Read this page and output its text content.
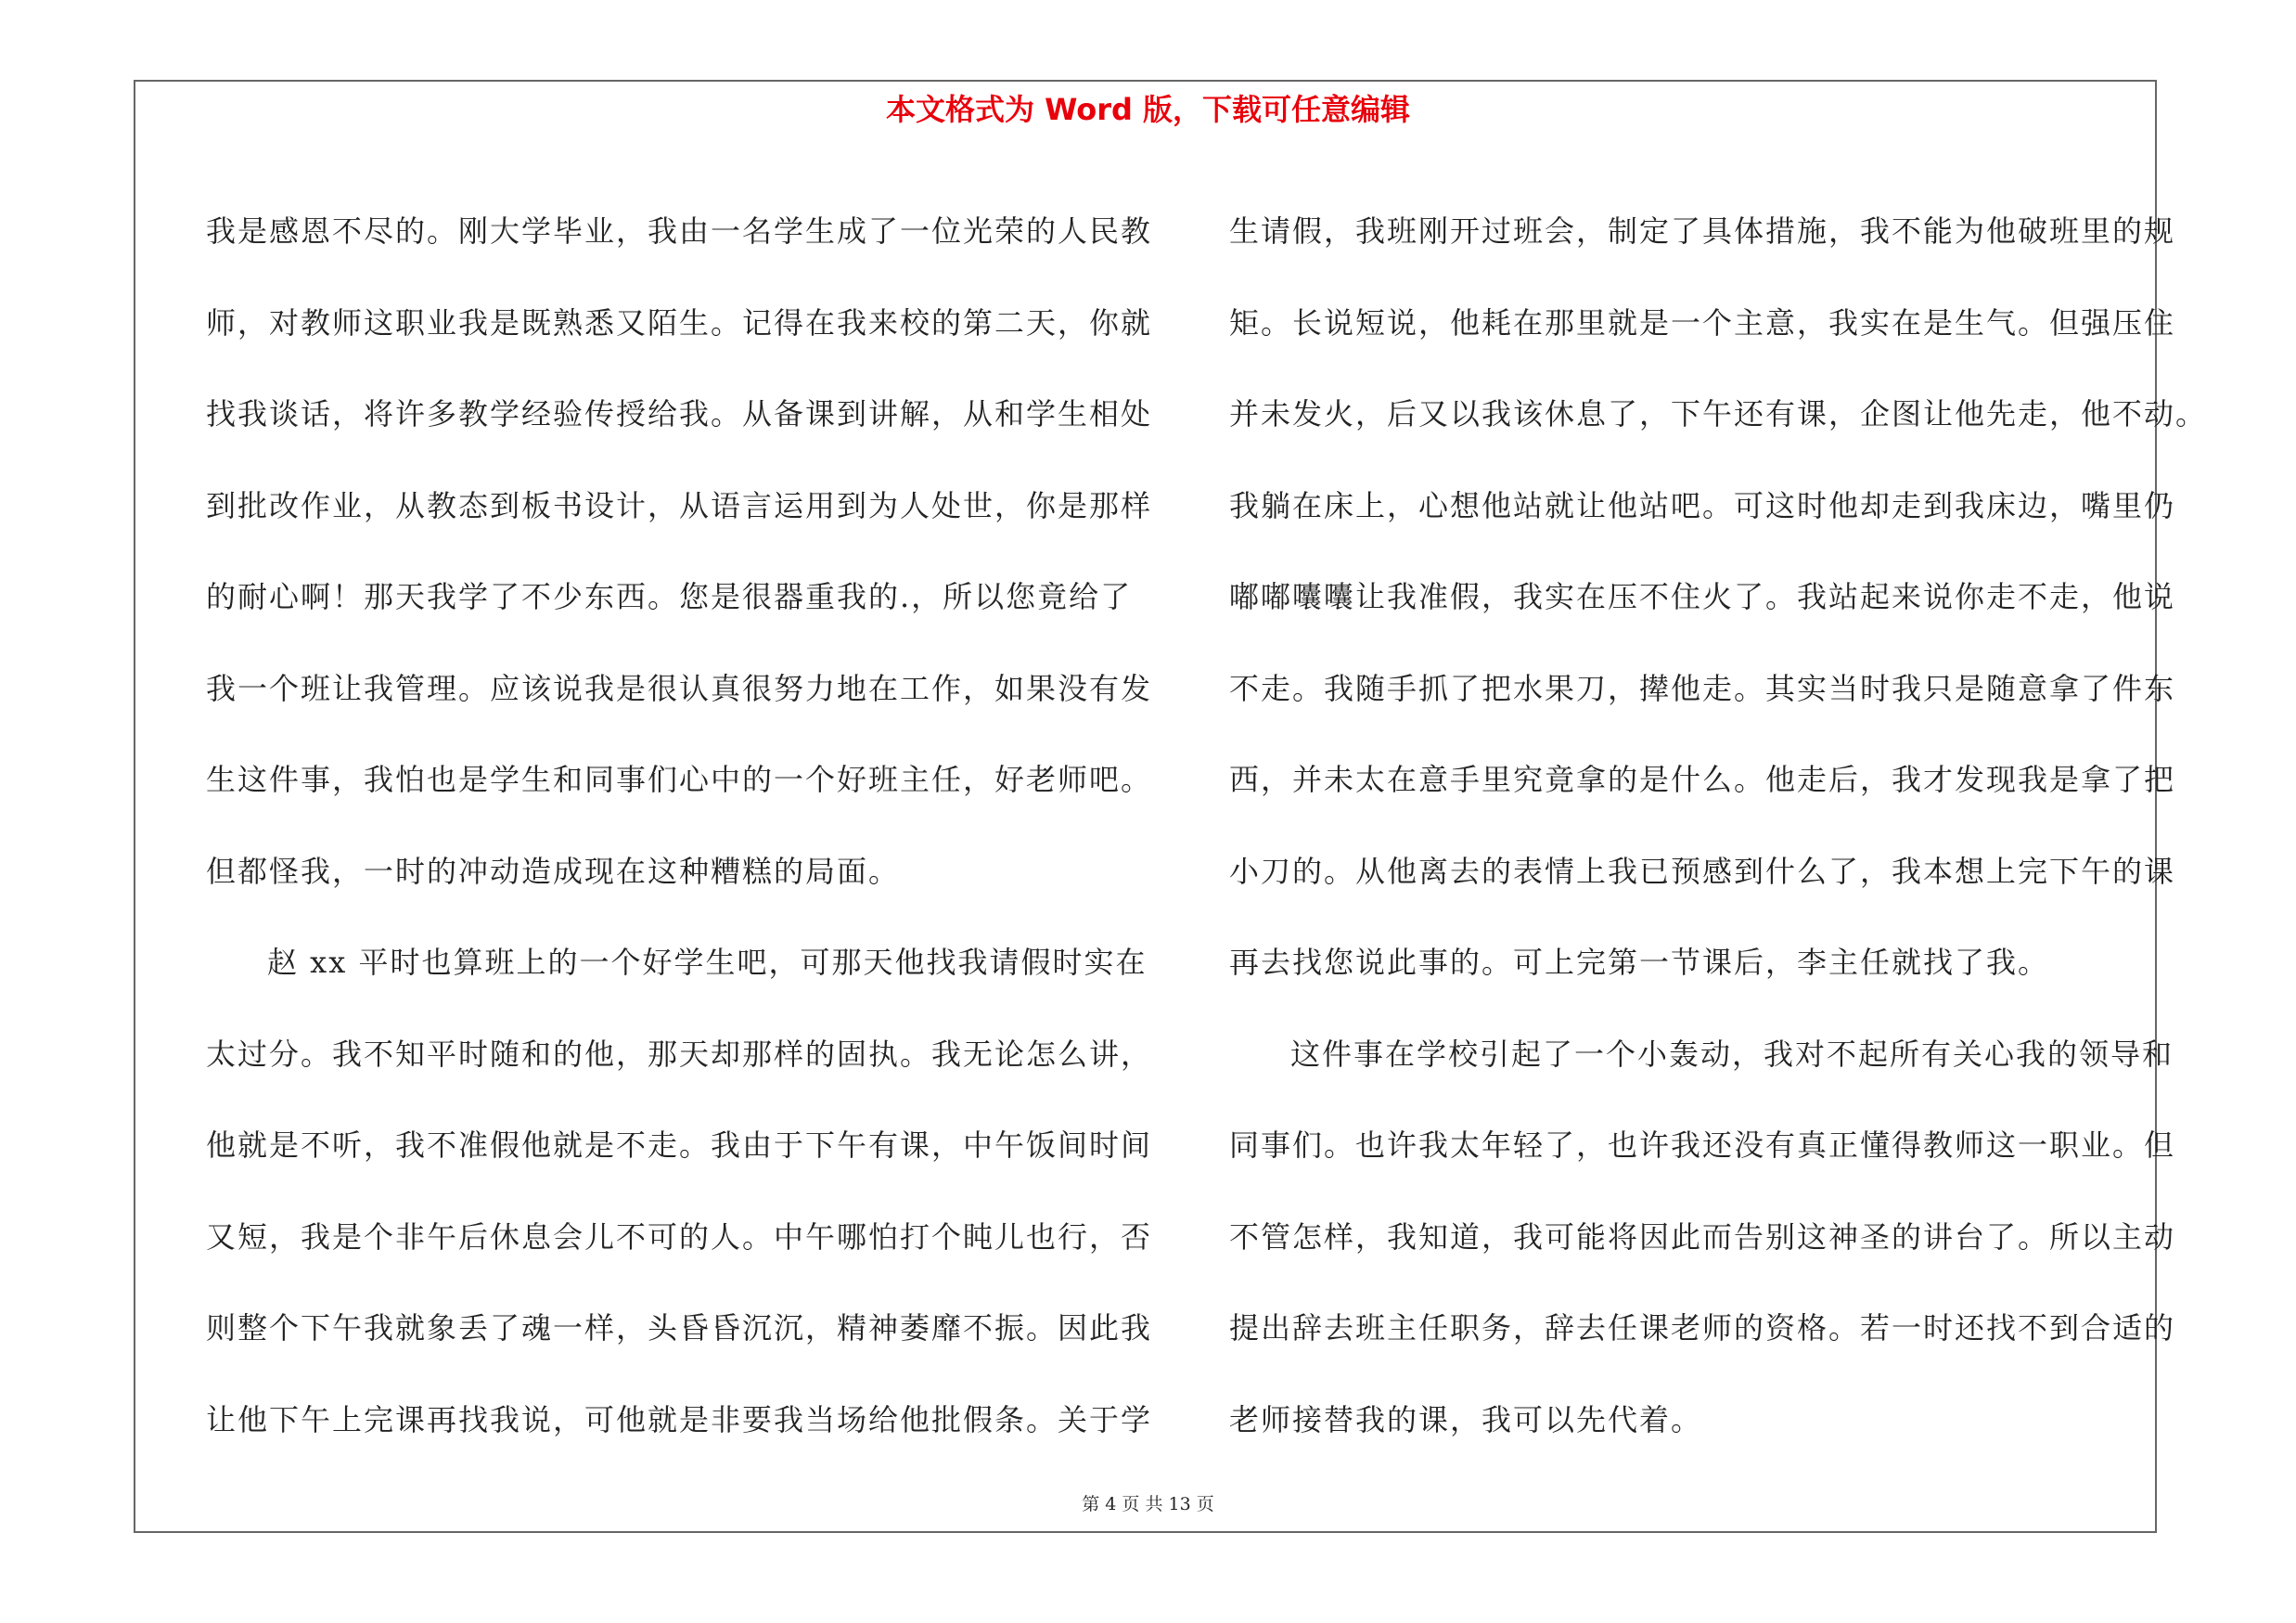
本文格式为 Word 版，下载可任意编辑

我是感恩不尽的。刚大学毕业，我由一名学生成了一位光荣的人民教
师，对教师这职业我是既熟悉又陌生。记得在我来校的第二天，你就
找我谈话，将许多教学经验传授给我。从备课到讲解，从和学生相处
到批改作业，从教态到板书设计，从语言运用到为人处世，你是那样
的耐心啊！那天我学了不少东西。您是很器重我的.，所以您竟给了
我一个班让我管理。应该说我是很认真很努力地在工作，如果没有发
生这件事，我怕也是学生和同事们心中的一个好班主任，好老师吧。
但都怪我，一时的冲动造成现在这种糟糕的局面。

赵 xx 平时也算班上的一个好学生吧，可那天他找我请假时实在
太过分。我不知平时随和的他，那天却那样的固执。我无论怎么讲，
他就是不听，我不准假他就是不走。我由于下午有课，中午饭间时间
又短，我是个非午后休息会儿不可的人。中午哪怕打个盹儿也行，否
则整个下午我就象丢了魂一样，头昏昏沉沉，精神萎靡不振。因此我
让他下午上完课再找我说，可他就是非要我当场给他批假条。关于学

生请假，我班刚开过班会，制定了具体措施，我不能为他破班里的规
矩。长说短说，他耗在那里就是一个主意，我实在是生气。但强压住
并未发火，后又以我该休息了，下午还有课，企图让他先走，他不动。
我躺在床上，心想他站就让他站吧。可这时他却走到我床边，嘴里仍
嘟嘟囔囔让我准假，我实在压不住火了。我站起来说你走不走，他说
不走。我随手抓了把水果刀，撵他走。其实当时我只是随意拿了件东
西，并未太在意手里究竟拿的是什么。他走后，我才发现我是拿了把
小刀的。从他离去的表情上我已预感到什么了，我本想上完下午的课
再去找您说此事的。可上完第一节课后，李主任就找了我。

这件事在学校引起了一个小轰动，我对不起所有关心我的领导和
同事们。也许我太年轻了，也许我还没有真正懂得教师这一职业。但
不管怎样，我知道，我可能将因此而告别这神圣的讲台了。所以主动
提出辞去班主任职务，辞去任课老师的资格。若一时还找不到合适的
老师接替我的课，我可以先代着。

第 4 页 共 13 页
